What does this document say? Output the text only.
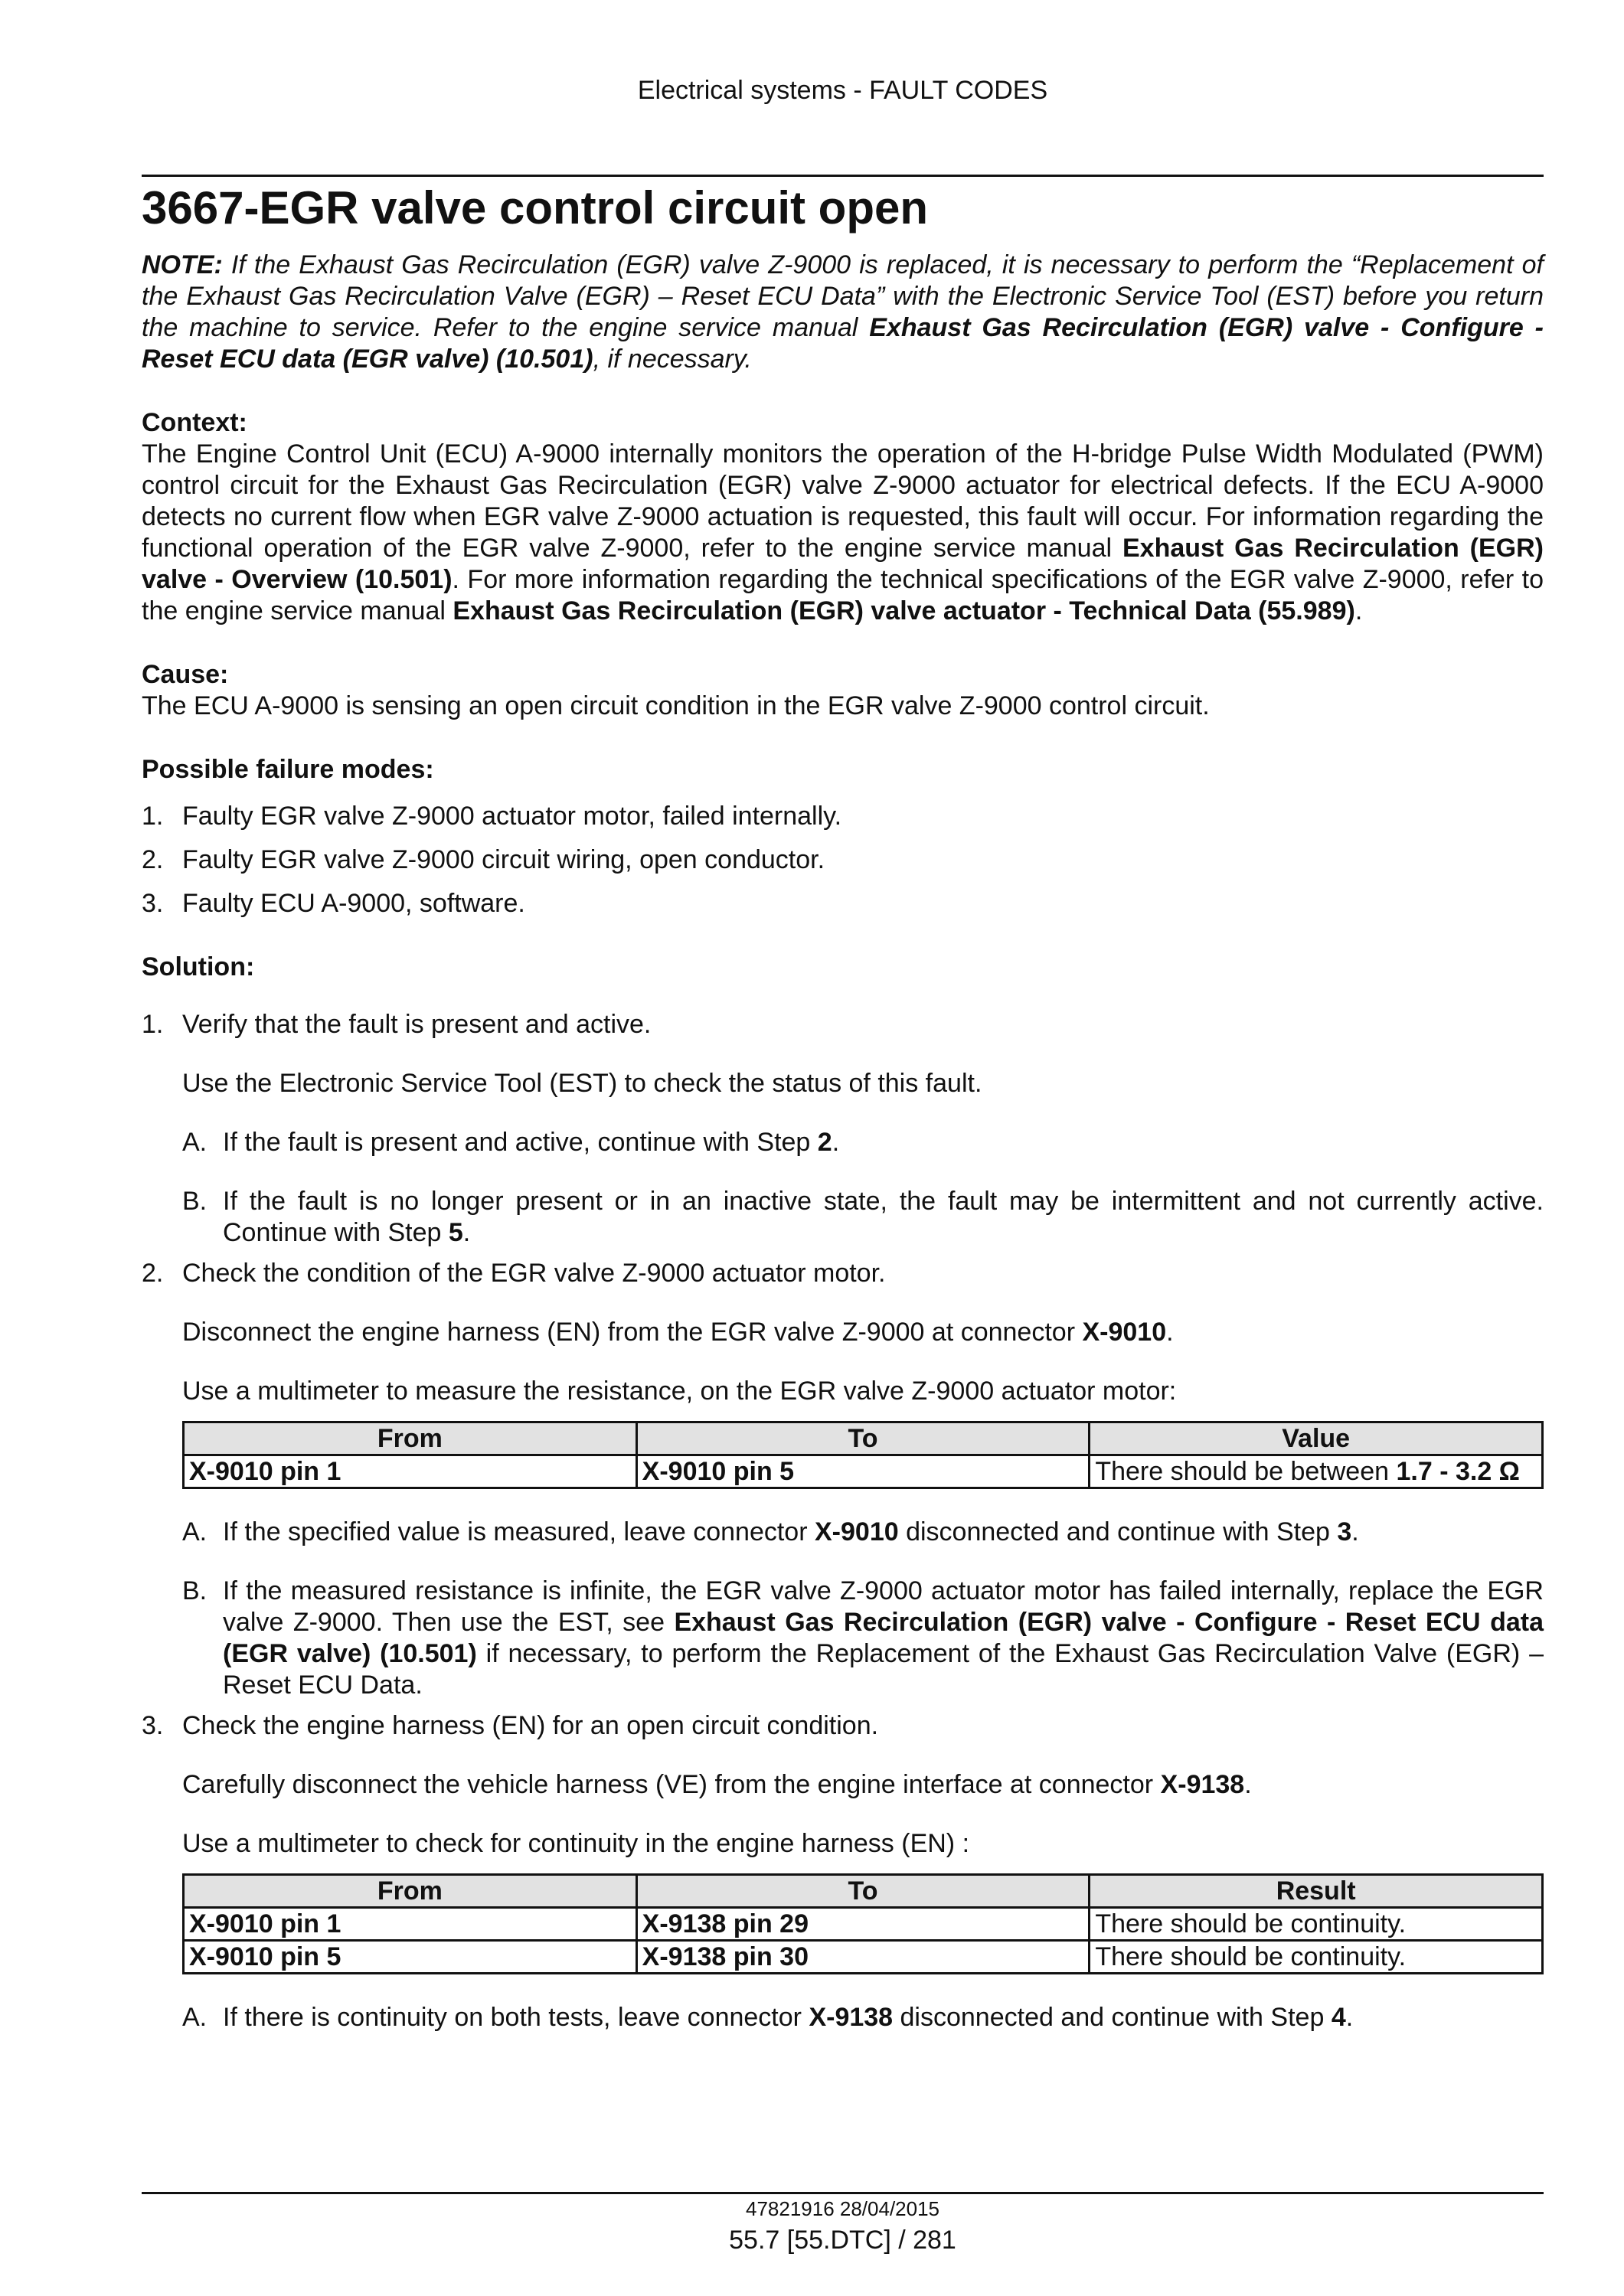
Electrical systems - FAULT CODES
3667-EGR valve control circuit open

NOTE: If the Exhaust Gas Recirculation (EGR) valve Z-9000 is replaced, it is necessary to perform the “Replacement of the Exhaust Gas Recirculation Valve (EGR) – Reset ECU Data” with the Electronic Service Tool (EST) before you return the machine to service. Refer to the engine service manual Exhaust Gas Recirculation (EGR) valve - Configure - Reset ECU data (EGR valve) (10.501), if necessary.

Context:

The Engine Control Unit (ECU) A-9000 internally monitors the operation of the H-bridge Pulse Width Modulated (PWM) control circuit for the Exhaust Gas Recirculation (EGR) valve Z-9000 actuator for electrical defects. If the ECU A-9000 detects no current flow when EGR valve Z-9000 actuation is requested, this fault will occur. For information regarding the functional operation of the EGR valve Z-9000, refer to the engine service manual Exhaust Gas Recirculation (EGR) valve - Overview (10.501). For more information regarding the technical specifications of the EGR valve Z-9000, refer to the engine service manual Exhaust Gas Recirculation (EGR) valve actuator - Technical Data (55.989).

Cause:

The ECU A-9000 is sensing an open circuit condition in the EGR valve Z-9000 control circuit.

Possible failure modes:

1. Faulty EGR valve Z-9000 actuator motor, failed internally.
2. Faulty EGR valve Z-9000 circuit wiring, open conductor.
3. Faulty ECU A-9000, software.

Solution:

1. Verify that the fault is present and active.

Use the Electronic Service Tool (EST) to check the status of this fault.

A. If the fault is present and active, continue with Step 2.
B. If the fault is no longer present or in an inactive state, the fault may be intermittent and not currently active. Continue with Step 5.
2. Check the condition of the EGR valve Z-9000 actuator motor.

Disconnect the engine harness (EN) from the EGR valve Z-9000 at connector X-9010.

Use a multimeter to measure the resistance, on the EGR valve Z-9000 actuator motor:

From	To	Value
X-9010 pin 1	X-9010 pin 5	There should be between 1.7 - 3.2 Ω
A. If the specified value is measured, leave connector X-9010 disconnected and continue with Step 3.
B. If the measured resistance is infinite, the EGR valve Z-9000 actuator motor has failed internally, replace the EGR valve Z-9000. Then use the EST, see Exhaust Gas Recirculation (EGR) valve - Configure - Reset ECU data (EGR valve) (10.501) if necessary, to perform the Replacement of the Exhaust Gas Recirculation Valve (EGR) – Reset ECU Data.
3. Check the engine harness (EN) for an open circuit condition.

Carefully disconnect the vehicle harness (VE) from the engine interface at connector X-9138.

Use a multimeter to check for continuity in the engine harness (EN) :

From	To	Result
X-9010 pin 1	X-9138 pin 29	There should be continuity.
X-9010 pin 5	X-9138 pin 30	There should be continuity.
A. If there is continuity on both tests, leave connector X-9138 disconnected and continue with Step 4.
47821916 28/04/2015
55.7 [55.DTC] / 281
